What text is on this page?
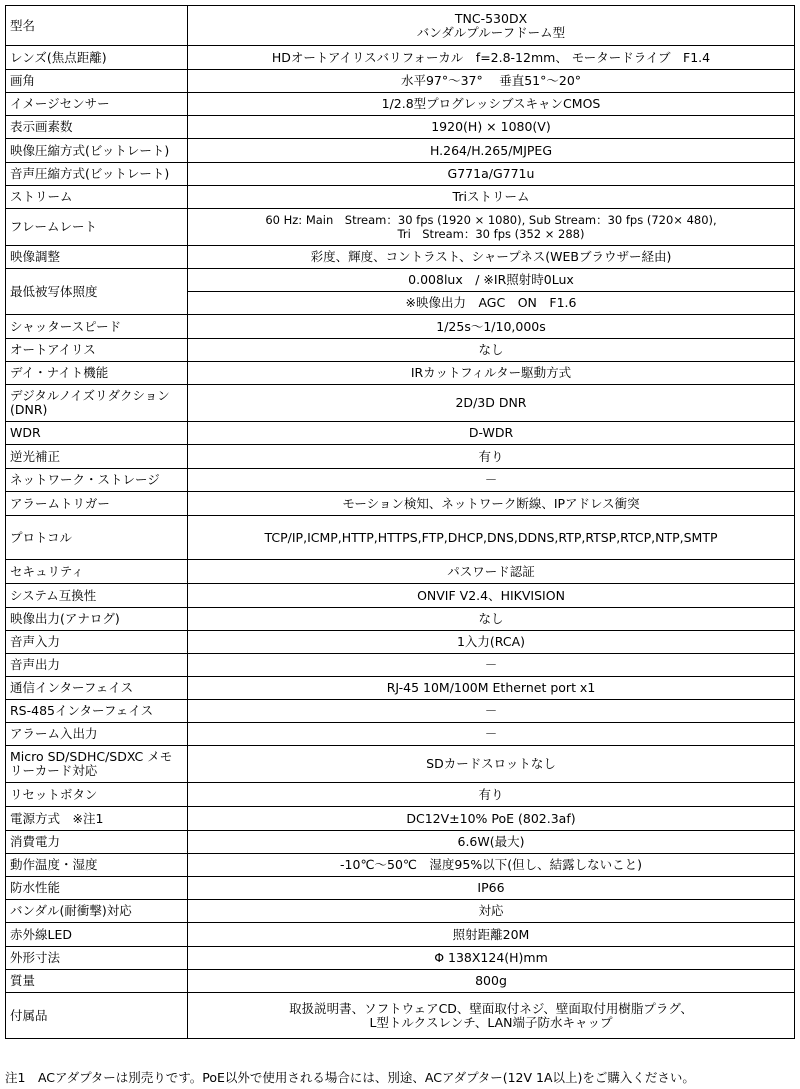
型名	TNC-530DX
バンダルプルーフドーム型

レンズ(焦点距離)	HDオートアイリスバリフォーカル　f=2.8-12mm、 モータードライブ　F1.4

画角	水平97°～37°　 垂直51°～20°

イメージセンサー	1/2.8型プログレッシブスキャンCMOS

表示画素数	1920(H) × 1080(V)

映像圧縮方式(ビットレート)	H.264/H.265/MJPEG

音声圧縮方式(ビットレート)	G771a/G771u

ストリーム	Triストリーム

フレームレート	60 Hz: Main　Stream：30 fps (1920 × 1080), Sub Stream：30 fps (720× 480),
Tri　Stream：30 fps (352 × 288)

映像調整	彩度、輝度、コントラスト、シャープネス(WEBブラウザー経由)

最低被写体照度	0.008lux　/ ※IR照射時0Lux

	※映像出力　AGC　ON　F1.6

シャッタースピード	1/25s～1/10,000s

オートアイリス	なし

デイ・ナイト機能	IRカットフィルター駆動方式

デジタルノイズリダクション (DNR)	2D/3D DNR

WDR	D-WDR

逆光補正	有り

ネットワーク・ストレージ	－

アラームトリガー	モーション検知、ネットワーク断線、IPアドレス衝突

プロトコル	TCP/IP,ICMP,HTTP,HTTPS,FTP,DHCP,DNS,DDNS,RTP,RTSP,RTCP,NTP,SMTP

セキュリティ	パスワード認証

システム互換性	ONVIF V2.4、HIKVISION

映像出力(アナログ)	なし

音声入力	1入力(RCA)

音声出力	－

通信インターフェイス	RJ-45 10M/100M Ethernet port x1

RS-485インターフェイス	－

アラーム入出力	－

Micro SD/SDHC/SDXC メモリーカード対応	SDカードスロットなし

リセットボタン	有り

電源方式　※注1	DC12V±10% PoE (802.3af)

消費電力	6.6W(最大)

動作温度・湿度	-10℃～50℃　湿度95%以下(但し、結露しないこと)

防水性能	IP66

バンダル(耐衝撃)対応	対応

赤外線LED	照射距離20M

外形寸法	Φ 138X124(H)mm

質量	800g

付属品	取扱説明書、ソフトウェアCD、壁面取付ネジ、壁面取付用樹脂プラグ、
L型トルクスレンチ、LAN端子防水キャップ
注1　ACアダプターは別売りです。PoE以外で使用される場合には、別途、ACアダプター(12V 1A以上)をご購入ください。
